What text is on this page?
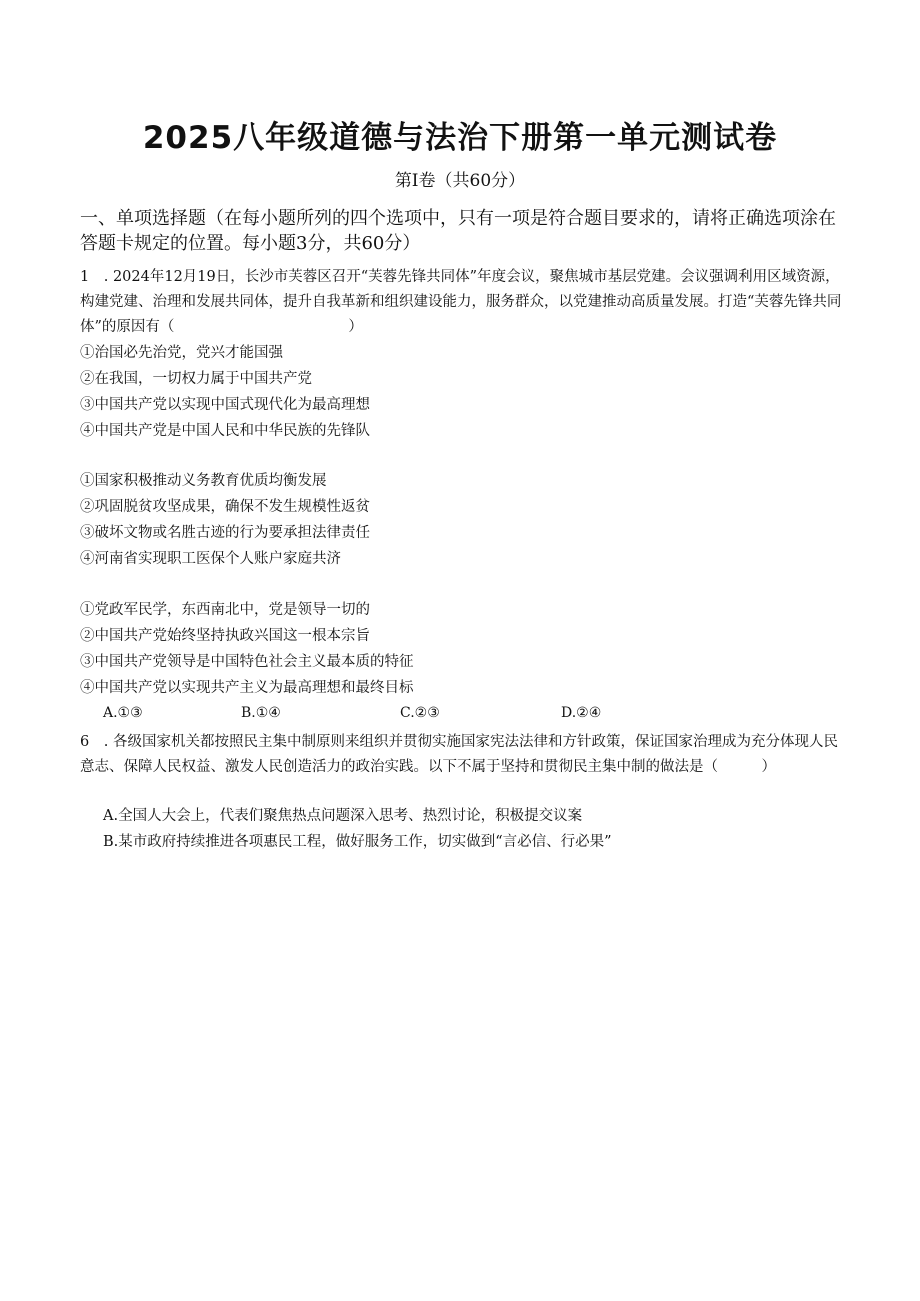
2025八年级道德与法治下册第一单元测试卷
第I卷（共60分）
一、单项选择题（在每小题所列的四个选项中，只有一项是符合题目要求的，请将正确选项涂在答题卡规定的位置。每小题3分，共60分）
1　. 2024年12月19日，长沙市芙蓉区召开“芙蓉先锋共同体”年度会议，聚焦城市基层党建。会议强调利用区域资源，构建党建、治理和发展共同体，提升自我革新和组织建设能力，服务群众，以党建推动高质量发展。打造“芙蓉先锋共同体”的原因有（　　　　　　　　　　　　）
①治国必先治党，党兴才能国强
②在我国，一切权力属于中国共产党
③中国共产党以实现中国式现代化为最高理想
④中国共产党是中国人民和中华民族的先锋队
①国家积极推动义务教育优质均衡发展
②巩固脱贫攻坚成果，确保不发生规模性返贫
③破坏文物或名胜古迹的行为要承担法律责任
④河南省实现职工医保个人账户家庭共济
①党政军民学，东西南北中，党是领导一切的
②中国共产党始终坚持执政兴国这一根本宗旨
③中国共产党领导是中国特色社会主义最本质的特征
④中国共产党以实现共产主义为最高理想和最终目标
A.①③	B.①④	C.②③	D.②④
6　. 各级国家机关都按照民主集中制原则来组织并贯彻实施国家宪法法律和方针政策，保证国家治理成为充分体现人民意志、保障人民权益、激发人民创造活力的政治实践。以下不属于坚持和贯彻民主集中制的做法是（　　　）
A.全国人大会上，代表们聚焦热点问题深入思考、热烈讨论，积极提交议案
B.某市政府持续推进各项惠民工程，做好服务工作，切实做到“言必信、行必果”
